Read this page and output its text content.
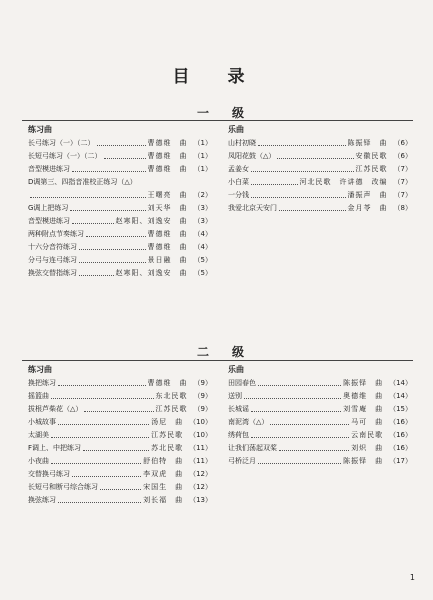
目 录
一 级
练习曲
长弓练习（一）（二）	曹德维　曲 （1）
长短弓练习（一）（二）	曹德维　曲 （1）
音型模进练习	曹德维　曲 （1）
D调第三、四指音准校正练习（△）
王曙亮　曲 （2）
G调上把练习	刘天华　曲 （3）
音型模进练习	赵寒阳、刘逸安　曲 （3）
两种附点节奏练习	曹德维　曲 （4）
十六分音符练习	曹德维　曲 （4）
分弓与连弓练习	景日融　曲 （5）
换弦交替指练习	赵寒阳、刘逸安　曲 （5）
乐曲
山村初晓	陈振铎　曲 （6）
凤阳花鼓（△）	安徽民歌 （6）
孟姜女	江苏民歌 （7）
小白菜	河北民歌　许讲德　改编 （7）
一分钱	潘振声　曲 （7）
我爱北京天安门	金月苓　曲 （8）
二 级
练习曲
换把练习	曹德维　曲 （9）
摇篮曲	东北民歌 （9）
拔根芦柴花（△）	江苏民歌 （9）
小城故事	汤尼　曲 （10）
太湖美	江苏民歌 （10）
F调上、中把练习	苏北民歌 （11）
小夜曲	舒伯特　曲 （11）
交替换弓练习	李双虎　曲 （12）
长短弓和断弓综合练习	宋国生　曲 （12）
换弦练习	刘长福　曲 （13）
乐曲
田园春色	陈振铎　曲 （14）
送别	奥德维　曲 （14）
长城谣	刘雪庵　曲 （15）
南泥湾（△）	马可　曲 （16）
绣荷包	云南民歌 （16）
让我们荡起双桨	刘炽　曲 （16）
弓桥泛月	陈振铎　曲 （17）
1
